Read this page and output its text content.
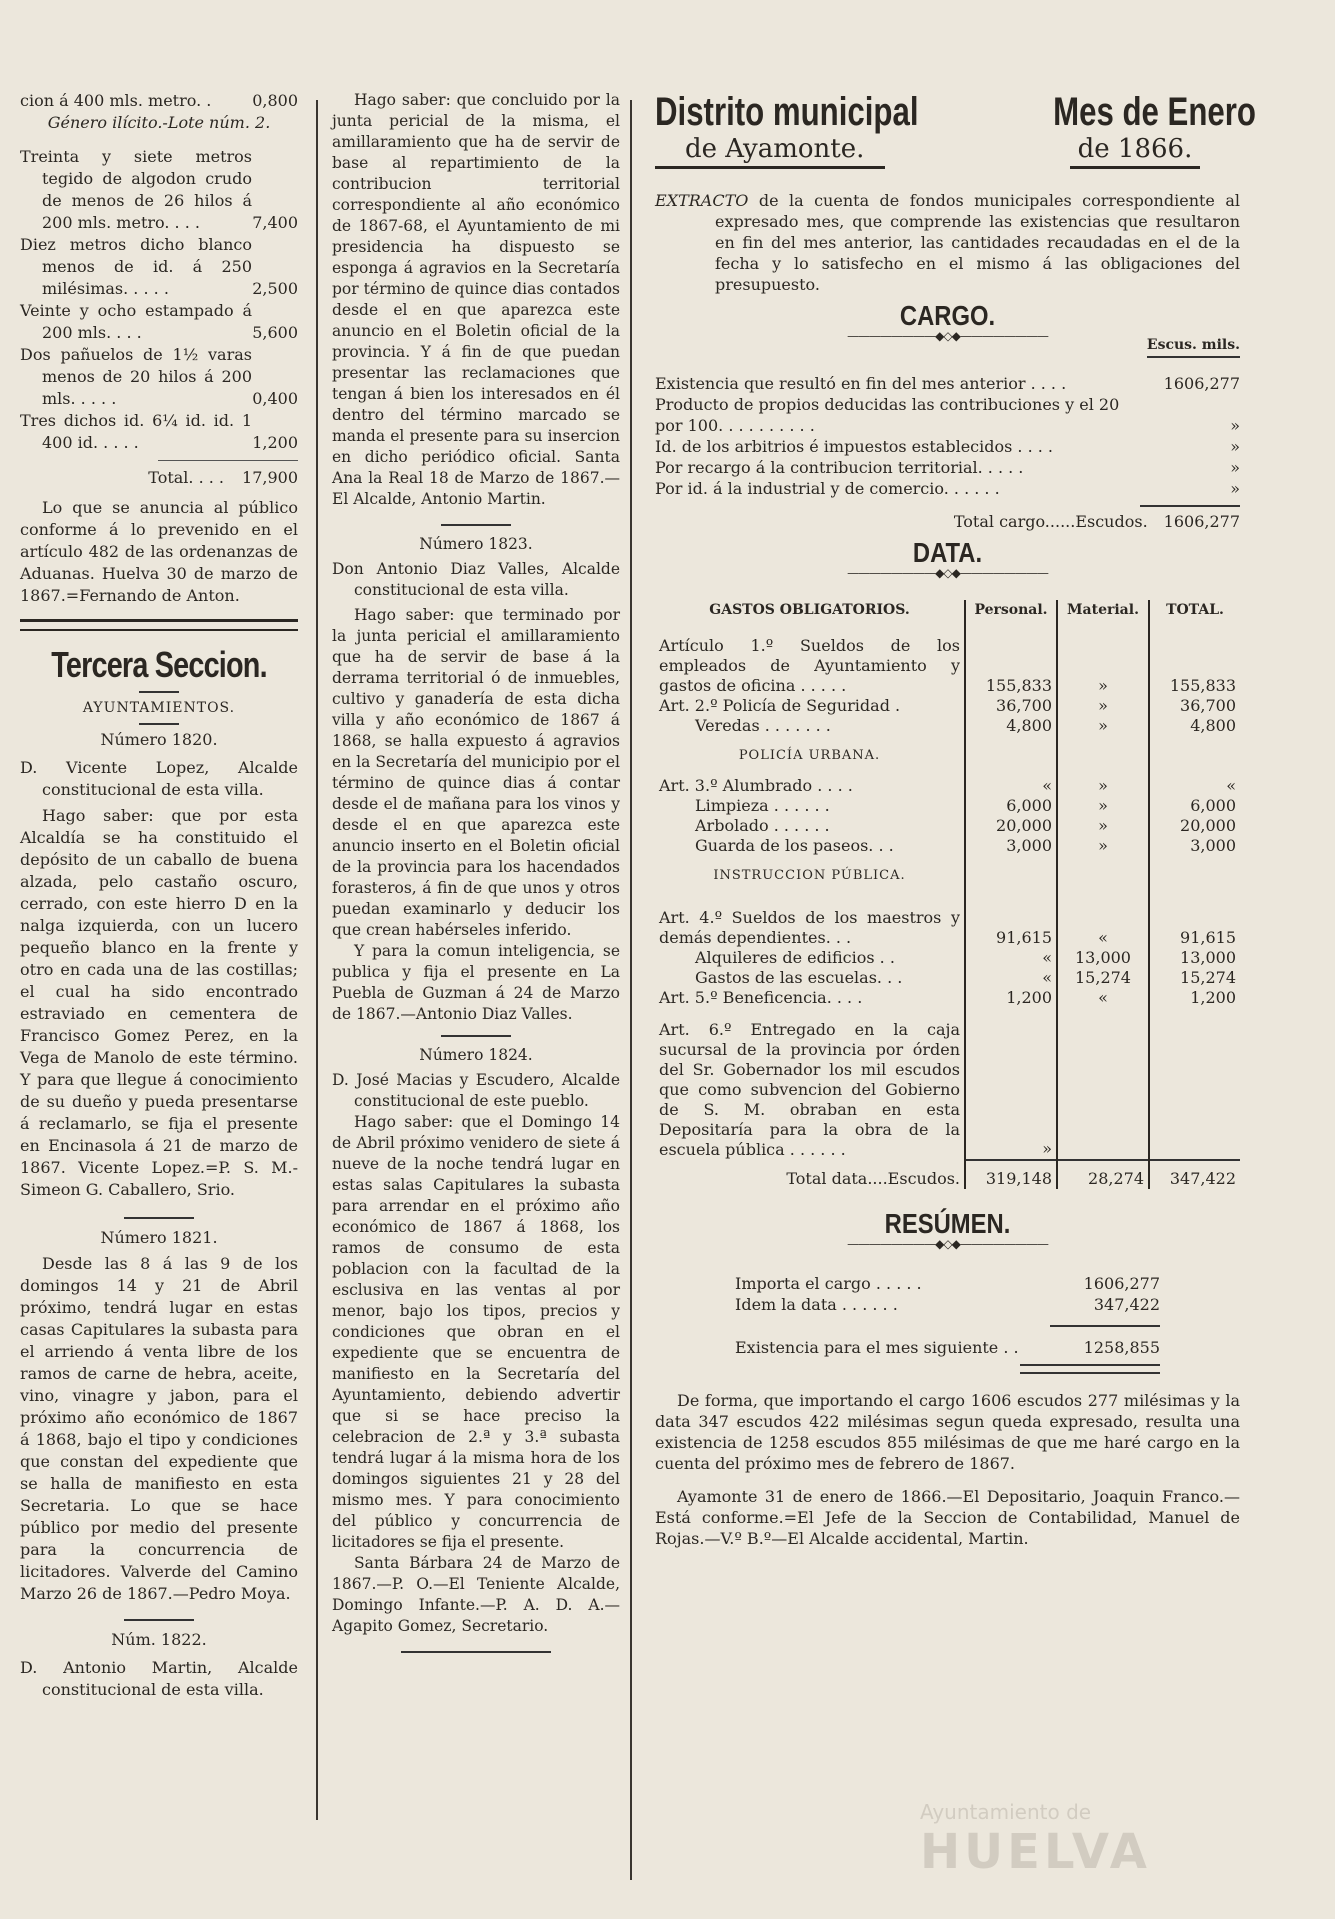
cion á 400 mls. metro. .	0,800

Género ilícito.-Lote núm. 2.

Treinta y siete metros tegido de algodon crudo de menos de 26 hilos á 200 mls. metro. . . .	7,400

Diez metros dicho blanco menos de id. á 250 milésimas. . . . .	2,500

Veinte y ocho estampado á 200 mls. . . .	5,600

Dos pañuelos de 1½ varas menos de 20 hilos á 200 mls. . . . .	0,400

Tres dichos id. 6¼ id. id. 1 400 id. . . . .	1,200
Total. . . . 17,900

Lo que se anuncia al público conforme á lo prevenido en el artículo 482 de las ordenanzas de Aduanas. Huelva 30 de marzo de 1867.=Fernando de Anton.

Tercera Seccion.

AYUNTAMIENTOS.

Número 1820.

D. Vicente Lopez, Alcalde constitucional de esta villa.

Hago saber: que por esta Alcaldía se ha constituido el depósito de un caballo de buena alzada, pelo castaño oscuro, cerrado, con este hierro D en la nalga izquierda, con un lucero pequeño blanco en la frente y otro en cada una de las costillas; el cual ha sido encontrado estraviado en cementera de Francisco Gomez Perez, en la Vega de Manolo de este término. Y para que llegue á conocimiento de su dueño y pueda presentarse á reclamarlo, se fija el presente en Encinasola á 21 de marzo de 1867. Vicente Lopez.=P. S. M.-Simeon G. Caballero, Srio.

Número 1821.

Desde las 8 á las 9 de los domingos 14 y 21 de Abril próximo, tendrá lugar en estas casas Capitulares la subasta para el arriendo á venta libre de los ramos de carne de hebra, aceite, vino, vinagre y jabon, para el próximo año económico de 1867 á 1868, bajo el tipo y condiciones que constan del expediente que se halla de manifiesto en esta Secretaria. Lo que se hace público por medio del presente para la concurrencia de licitadores. Valverde del Camino Marzo 26 de 1867.—Pedro Moya.

Núm. 1822.

D. Antonio Martin, Alcalde constitucional de esta villa.

Hago saber: que concluido por la junta pericial de la misma, el amillaramiento que ha de servir de base al repartimiento de la contribucion territorial correspondiente al año económico de 1867-68, el Ayuntamiento de mi presidencia ha dispuesto se esponga á agravios en la Secretaría por término de quince dias contados desde el en que aparezca este anuncio en el Boletin oficial de la provincia. Y á fin de que puedan presentar las reclamaciones que tengan á bien los interesados en él dentro del término marcado se manda el presente para su insercion en dicho periódico oficial. Santa Ana la Real 18 de Marzo de 1867.—El Alcalde, Antonio Martin.

Número 1823.

Don Antonio Diaz Valles, Alcalde constitucional de esta villa.

Hago saber: que terminado por la junta pericial el amillaramiento que ha de servir de base á la derrama territorial ó de inmuebles, cultivo y ganadería de esta dicha villa y año económico de 1867 á 1868, se halla expuesto á agravios en la Secretaría del municipio por el término de quince dias á contar desde el de mañana para los vinos y desde el en que aparezca este anuncio inserto en el Boletin oficial de la provincia para los hacendados forasteros, á fin de que unos y otros puedan examinarlo y deducir los que crean habérseles inferido.

Y para la comun inteligencia, se publica y fija el presente en La Puebla de Guzman á 24 de Marzo de 1867.—Antonio Diaz Valles.

Número 1824.

D. José Macias y Escudero, Alcalde constitucional de este pueblo.

Hago saber: que el Domingo 14 de Abril próximo venidero de siete á nueve de la noche tendrá lugar en estas salas Capitulares la subasta para arrendar en el próximo año económico de 1867 á 1868, los ramos de consumo de esta poblacion con la facultad de la esclusiva en las ventas al por menor, bajo los tipos, precios y condiciones que obran en el expediente que se encuentra de manifiesto en la Secretaría del Ayuntamiento, debiendo advertir que si se hace preciso la celebracion de 2.ª y 3.ª subasta tendrá lugar á la misma hora de los domingos siguientes 21 y 28 del mismo mes. Y para conocimiento del público y concurrencia de licitadores se fija el presente.

Santa Bárbara 24 de Marzo de 1867.—P. O.—El Teniente Alcalde, Domingo Infante.—P. A. D. A.—Agapito Gomez, Secretario.

Distrito municipal
de Ayamonte.
Mes de Enero
de 1866.

EXTRACTO de la cuenta de fondos municipales correspondiente al expresado mes, que comprende las existencias que resultaron en fin del mes anterior, las cantidades recaudadas en el de la fecha y lo satisfecho en el mismo á las obligaciones del presupuesto.

CARGO.
————————◆◇◆————————
Escus. mils.
Existencia que resultó en fin del mes anterior . . . .	1606,277
Producto de propios deducidas las contribuciones y el 20 por 100. . . . . . . . . .	»
Id. de los arbitrios é impuestos establecidos . . . .	»
Por recargo á la contribucion territorial. . . . .	»
Por id. á la industrial y de comercio. . . . . .	»
Total cargo......Escudos. 1606,277
DATA.
————————◆◇◆————————
GASTOS OBLIGATORIOS.	Personal.	Material.	TOTAL.
Artículo 1.º Sueldos de los empleados de Ayuntamiento y gastos de oficina . . . . .	155,833	»	155,833
Art. 2.º Policía de Seguridad .	36,700	»	36,700
Veredas . . . . . . .	4,800	»	4,800
POLICÍA URBANA.			
Art. 3.º Alumbrado . . . .	«	»	«
Limpieza . . . . . .	6,000	»	6,000
Arbolado . . . . . .	20,000	»	20,000
Guarda de los paseos. . .	3,000	»	3,000
INSTRUCCION PÚBLICA.			
Art. 4.º Sueldos de los maestros y demás dependientes. . .	91,615	«	91,615
Alquileres de edificios . .	«	13,000	13,000
Gastos de las escuelas. . .	«	15,274	15,274
Art. 5.º Beneficencia. . . .	1,200	«	1,200
Art. 6.º Entregado en la caja sucursal de la provincia por órden del Sr. Gobernador los mil escudos que como subvencion del Gobierno de S. M. obraban en esta Depositaría para la obra de la escuela pública . . . . . .	»		
Total data....Escudos.	319,148	28,274	347,422
RESÚMEN.
————————◆◇◆————————
Importa el cargo . . . . .	1606,277
Idem la data . . . . . .	347,422
Existencia para el mes siguiente . .	1258,855

De forma, que importando el cargo 1606 escudos 277 milésimas y la data 347 escudos 422 milésimas segun queda expresado, resulta una existencia de 1258 escudos 855 milésimas de que me haré cargo en la cuenta del próximo mes de febrero de 1867.

Ayamonte 31 de enero de 1866.—El Depositario, Joaquin Franco.—Está conforme.=El Jefe de la Seccion de Contabilidad, Manuel de Rojas.—V.º B.º—El Alcalde accidental, Martin.

Ayuntamiento de
HUELVA
